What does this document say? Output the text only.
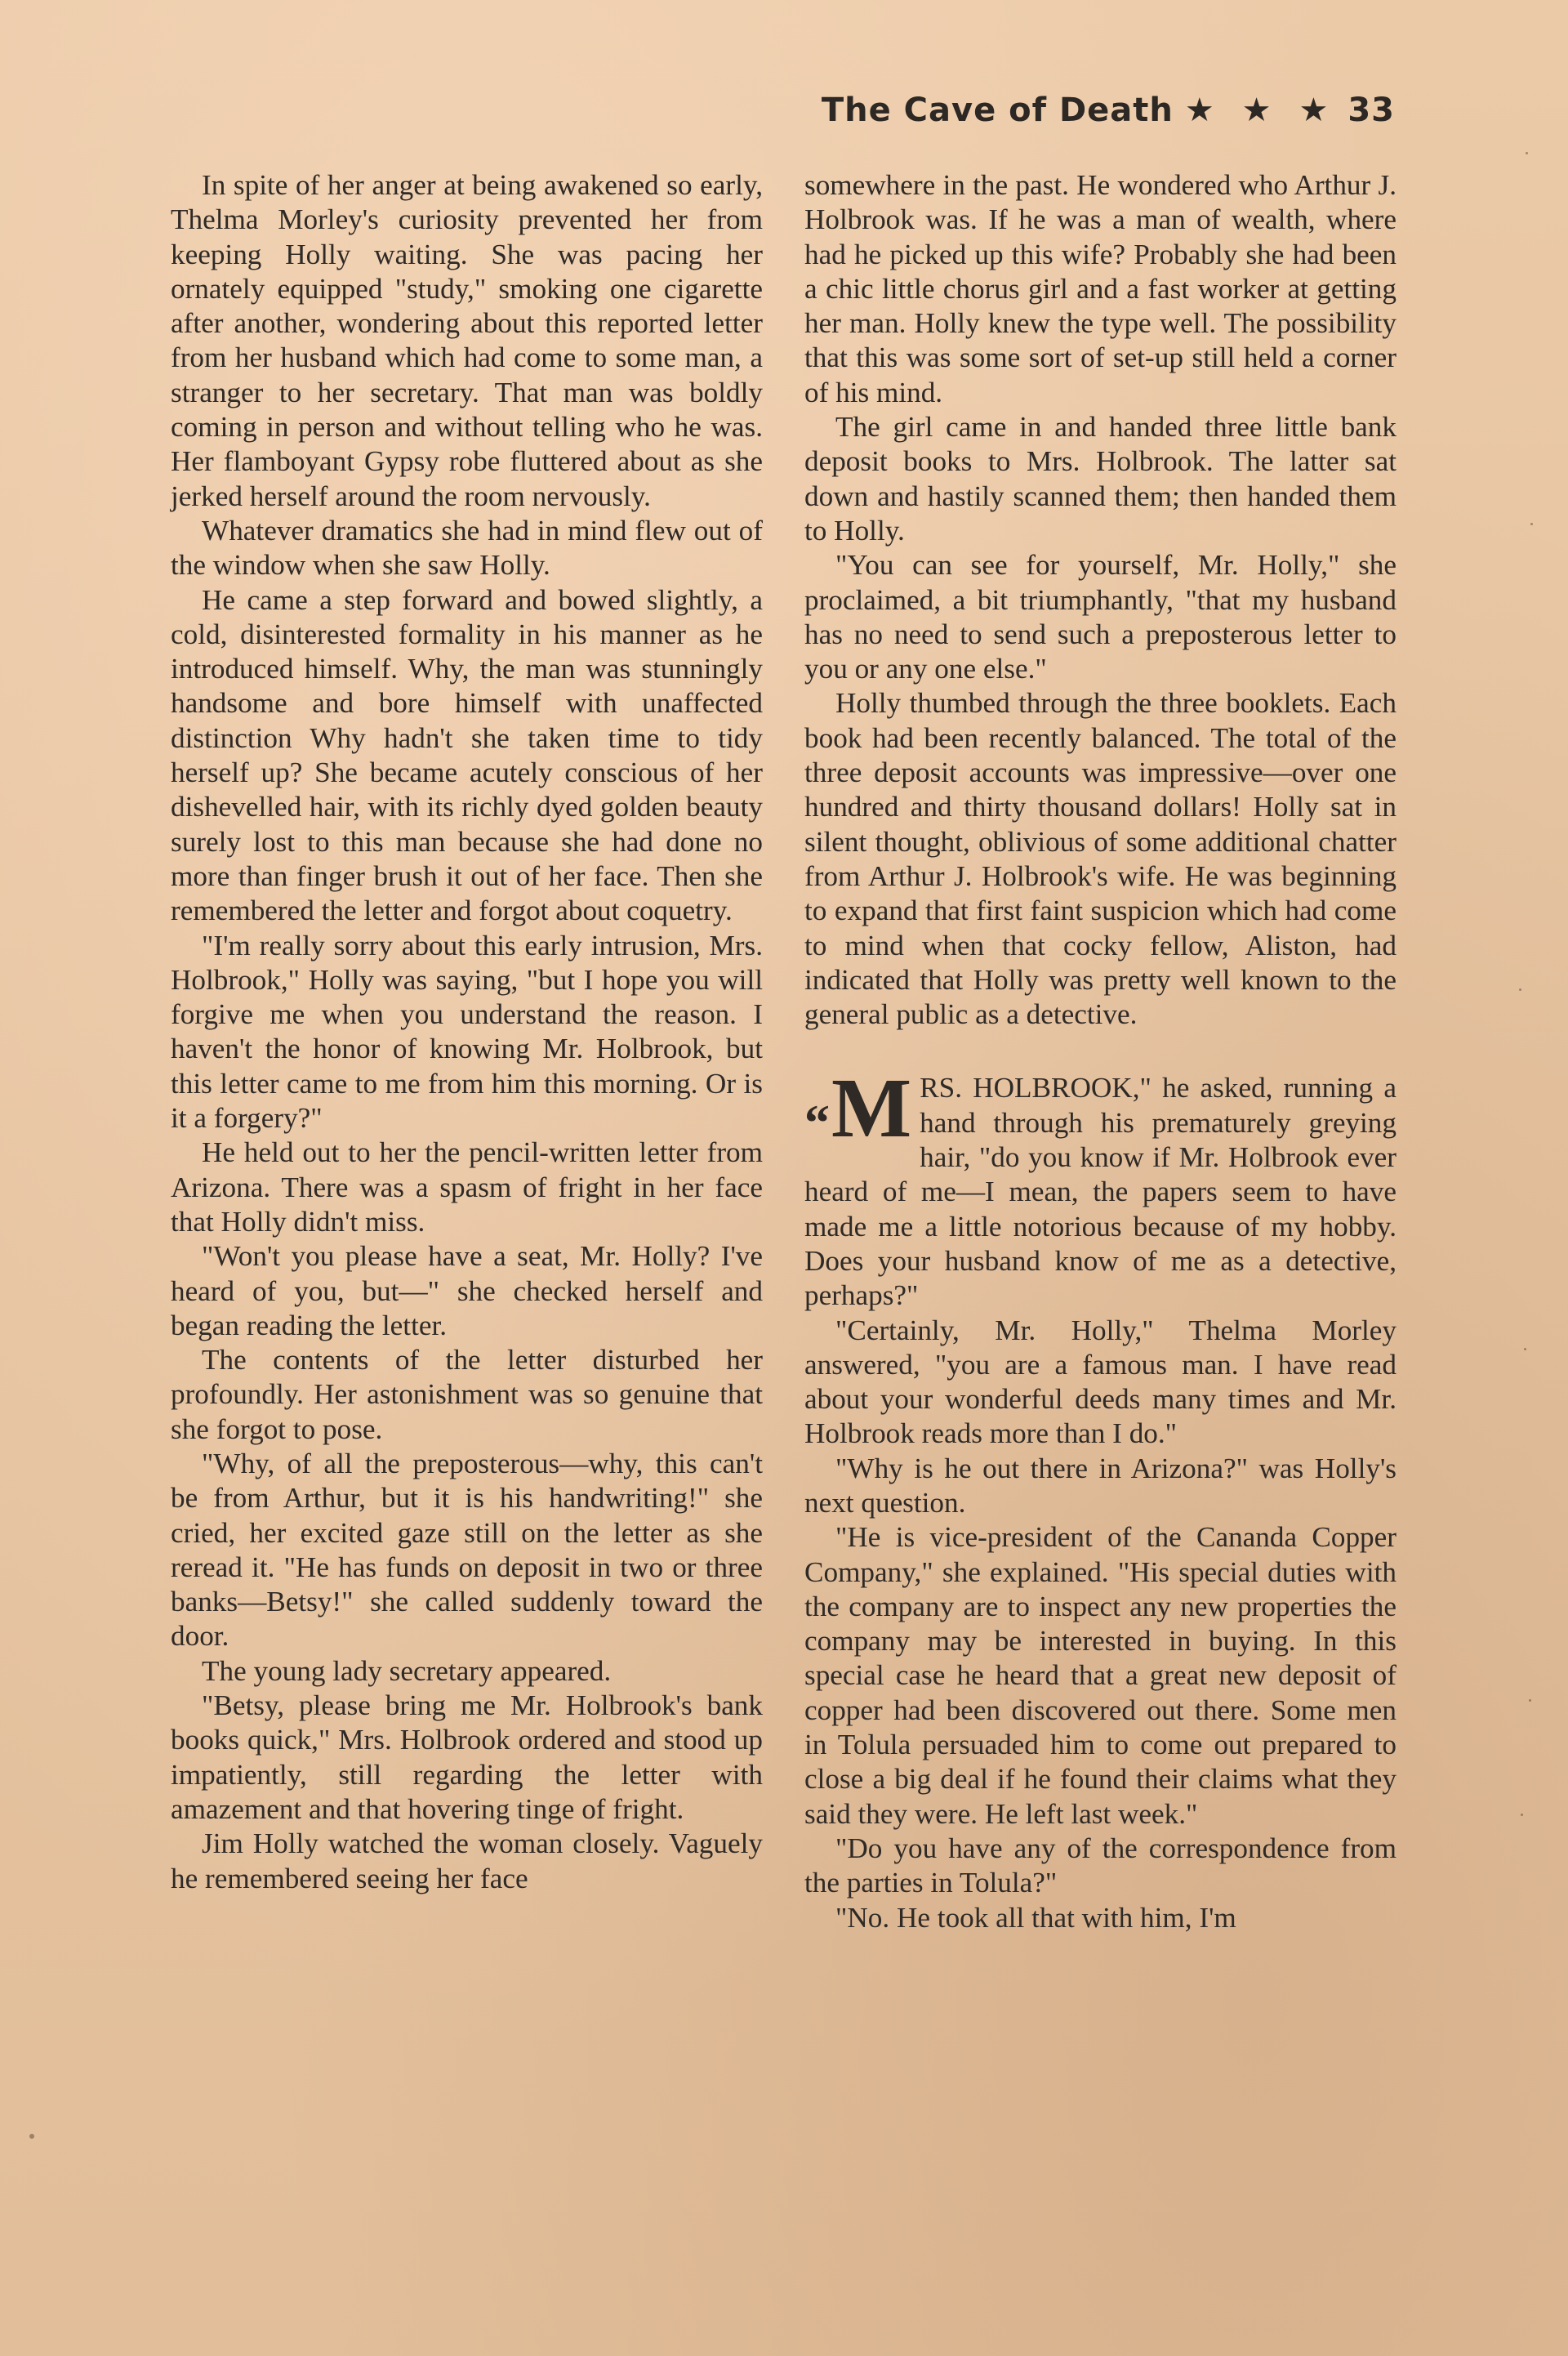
The Cave of Death ★ ★ ★ 33

In spite of her anger at being awakened so early, Thelma Morley's curiosity prevented her from keeping Holly waiting. She was pacing her ornately equipped "study," smoking one cigarette after another, wondering about this reported letter from her husband which had come to some man, a stranger to her secretary. That man was boldly coming in person and without telling who he was. Her flamboyant Gypsy robe fluttered about as she jerked herself around the room nervously.

Whatever dramatics she had in mind flew out of the window when she saw Holly.

He came a step forward and bowed slightly, a cold, disinterested formality in his manner as he introduced himself. Why, the man was stunningly handsome and bore himself with unaffected distinction Why hadn't she taken time to tidy herself up? She became acutely conscious of her dishevelled hair, with its richly dyed golden beauty surely lost to this man because she had done no more than finger brush it out of her face. Then she remembered the letter and forgot about coquetry.

"I'm really sorry about this early intrusion, Mrs. Holbrook," Holly was saying, "but I hope you will forgive me when you understand the reason. I haven't the honor of knowing Mr. Holbrook, but this letter came to me from him this morning. Or is it a forgery?"

He held out to her the pencil-written letter from Arizona. There was a spasm of fright in her face that Holly didn't miss.

"Won't you please have a seat, Mr. Holly? I've heard of you, but—" she checked herself and began reading the letter.

The contents of the letter disturbed her profoundly. Her astonishment was so genuine that she forgot to pose.

"Why, of all the preposterous—why, this can't be from Arthur, but it is his handwriting!" she cried, her excited gaze still on the letter as she reread it. "He has funds on deposit in two or three banks—Betsy!" she called suddenly toward the door.

The young lady secretary appeared.

"Betsy, please bring me Mr. Holbrook's bank books quick," Mrs. Holbrook ordered and stood up impatiently, still regarding the letter with amazement and that hovering tinge of fright.

Jim Holly watched the woman closely. Vaguely he remembered seeing her face

somewhere in the past. He wondered who Arthur J. Holbrook was. If he was a man of wealth, where had he picked up this wife? Probably she had been a chic little chorus girl and a fast worker at getting her man. Holly knew the type well. The possibility that this was some sort of set-up still held a corner of his mind.

The girl came in and handed three little bank deposit books to Mrs. Holbrook. The latter sat down and hastily scanned them; then handed them to Holly.

"You can see for yourself, Mr. Holly," she proclaimed, a bit triumphantly, "that my husband has no need to send such a preposterous letter to you or any one else."

Holly thumbed through the three booklets. Each book had been recently balanced. The total of the three deposit accounts was impressive—over one hundred and thirty thousand dollars! Holly sat in silent thought, oblivious of some additional chatter from Arthur J. Holbrook's wife. He was beginning to expand that first faint suspicion which had come to mind when that cocky fellow, Aliston, had indicated that Holly was pretty well known to the general public as a detective.

“M RS. HOLBROOK," he asked, running a hand through his prematurely greying hair, "do you know if Mr. Holbrook ever heard of me—I mean, the papers seem to have made me a little notorious because of my hobby. Does your husband know of me as a detective, perhaps?"

"Certainly, Mr. Holly," Thelma Morley answered, "you are a famous man. I have read about your wonderful deeds many times and Mr. Holbrook reads more than I do."

"Why is he out there in Arizona?" was Holly's next question.

"He is vice-president of the Cananda Copper Company," she explained. "His special duties with the company are to inspect any new properties the company may be interested in buying. In this special case he heard that a great new deposit of copper had been discovered out there. Some men in Tolula persuaded him to come out prepared to close a big deal if he found their claims what they said they were. He left last week."

"Do you have any of the correspondence from the parties in Tolula?"

"No. He took all that with him, I'm
